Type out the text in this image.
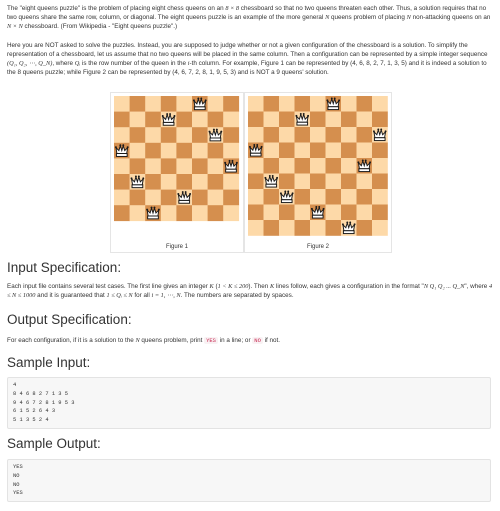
The "eight queens puzzle" is the problem of placing eight chess queens on an 8 × 8 chessboard so that no two queens threaten each other. Thus, a solution requires that no two queens share the same row, column, or diagonal. The eight queens puzzle is an example of the more general N queens problem of placing N non-attacking queens on an N × N chessboard. (From Wikipedia - "Eight queens puzzle".)
Here you are NOT asked to solve the puzzles. Instead, you are supposed to judge whether or not a given configuration of the chessboard is a solution. To simplify the representation of a chessboard, let us assume that no two queens will be placed in the same column. Then a configuration can be represented by a simple integer sequence (Q₁, Q₂, ⋯, Q_N), where Qᵢ is the row number of the queen in the i-th column. For example, Figure 1 can be represented by (4, 6, 8, 2, 7, 1, 3, 5) and it is indeed a solution to the 8 queens puzzle; while Figure 2 can be represented by (4, 6, 7, 2, 8, 1, 9, 5, 3) and is NOT a 9 queens' solution.
Figure 1	Figure 2
Input Specification:
Each input file contains several test cases. The first line gives an integer K (1 < K ≤ 200). Then K lines follow, each gives a configuration in the format "N Q₁ Q₂ ... Q_N", where 4 ≤ N ≤ 1000 and it is guaranteed that 1 ≤ Qᵢ ≤ N for all i = 1, ⋯, N. The numbers are separated by spaces.
Output Specification:
For each configuration, if it is a solution to the N queens problem, print YES in a line; or NO if not.
Sample Input:
4
8 4 6 8 2 7 1 3 5
9 4 6 7 2 8 1 9 5 3
6 1 5 2 6 4 3
5 1 3 5 2 4
Sample Output:
YES
NO
NO
YES
